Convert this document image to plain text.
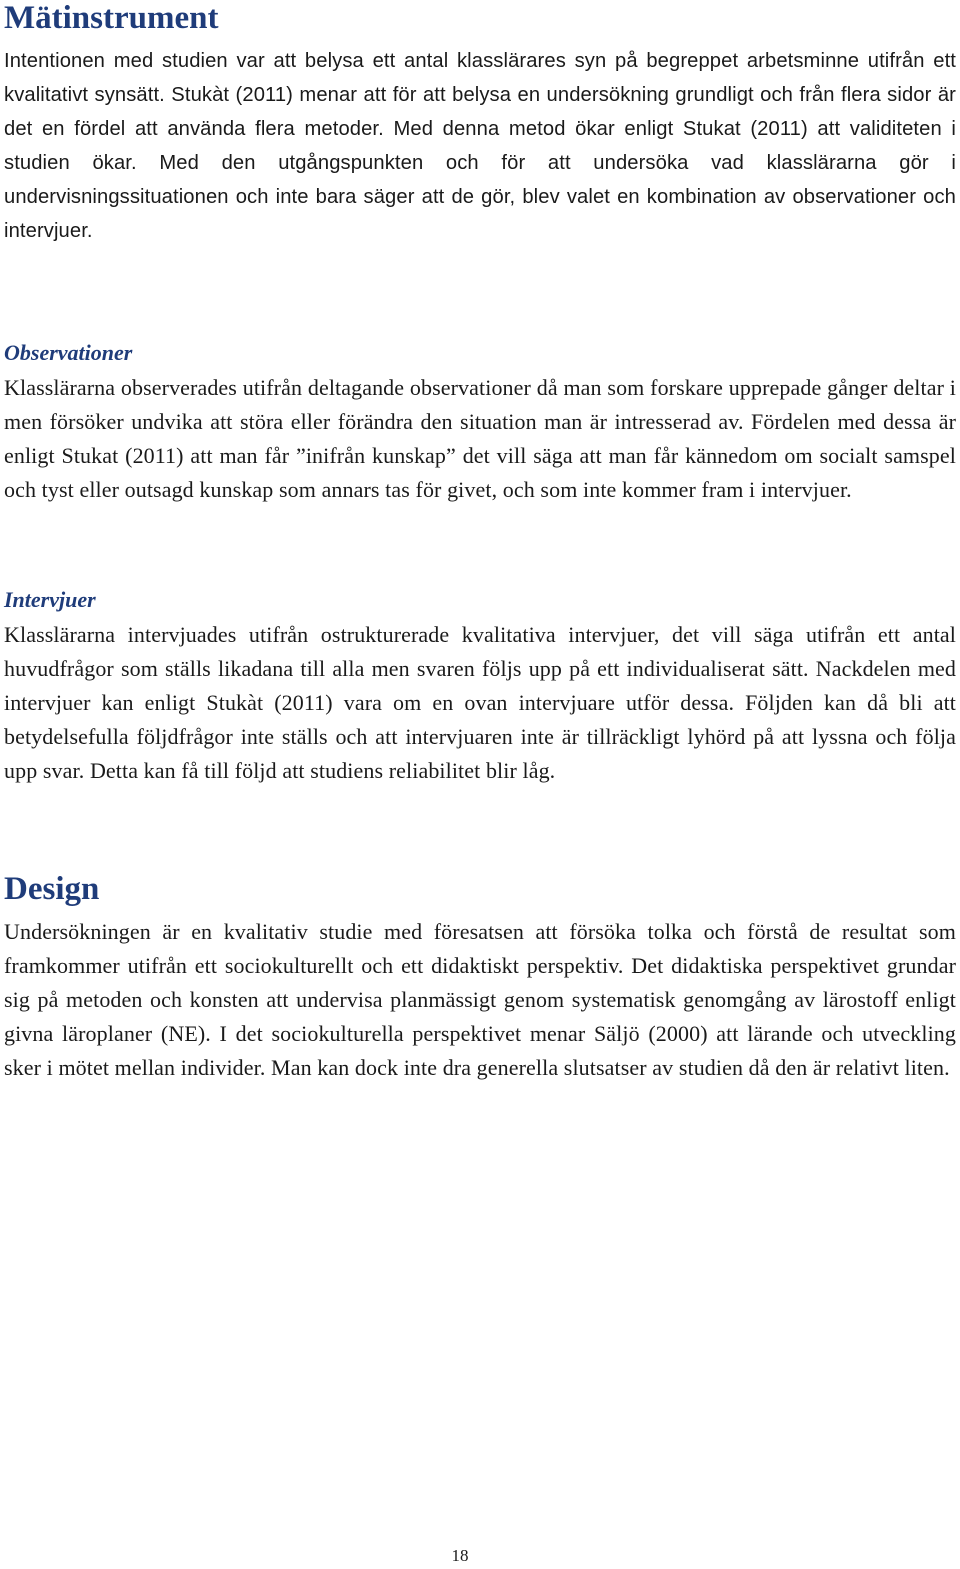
Mätinstrument

Intentionen med studien var att belysa ett antal klasslärares syn på begreppet arbetsminne utifrån ett kvalitativt synsätt. Stukàt (2011) menar att för att belysa en undersökning grundligt och från flera sidor är det en fördel att använda flera metoder. Med denna metod ökar enligt Stukat (2011) att validiteten i studien ökar. Med den utgångspunkten och för att undersöka vad klasslärarna gör i undervisningssituationen och inte bara säger att de gör, blev valet en kombination av observationer och intervjuer.

Observationer

Klasslärarna observerades utifrån deltagande observationer då man som forskare upprepade gånger deltar i men försöker undvika att störa eller förändra den situation man är intresserad av. Fördelen med dessa är enligt Stukat (2011) att man får ”inifrån kunskap” det vill säga att man får kännedom om socialt samspel och tyst eller outsagd kunskap som annars tas för givet, och som inte kommer fram i intervjuer.

Intervjuer

Klasslärarna intervjuades utifrån ostrukturerade kvalitativa intervjuer, det vill säga utifrån ett antal huvudfrågor som ställs likadana till alla men svaren följs upp på ett individualiserat sätt. Nackdelen med intervjuer kan enligt Stukàt (2011) vara om en ovan intervjuare utför dessa. Följden kan då bli att betydelsefulla följdfrågor inte ställs och att intervjuaren inte är tillräckligt lyhörd på att lyssna och följa upp svar. Detta kan få till följd att studiens reliabilitet blir låg.

Design

Undersökningen är en kvalitativ studie med föresatsen att försöka tolka och förstå de resultat som framkommer utifrån ett sociokulturellt och ett didaktiskt perspektiv. Det didaktiska perspektivet grundar sig på metoden och konsten att undervisa planmässigt genom systematisk genomgång av lärostoff enligt givna läroplaner (NE). I det sociokulturella perspektivet menar Säljö (2000) att lärande och utveckling sker i mötet mellan individer. Man kan dock inte dra generella slutsatser av studien då den är relativt liten.

18
